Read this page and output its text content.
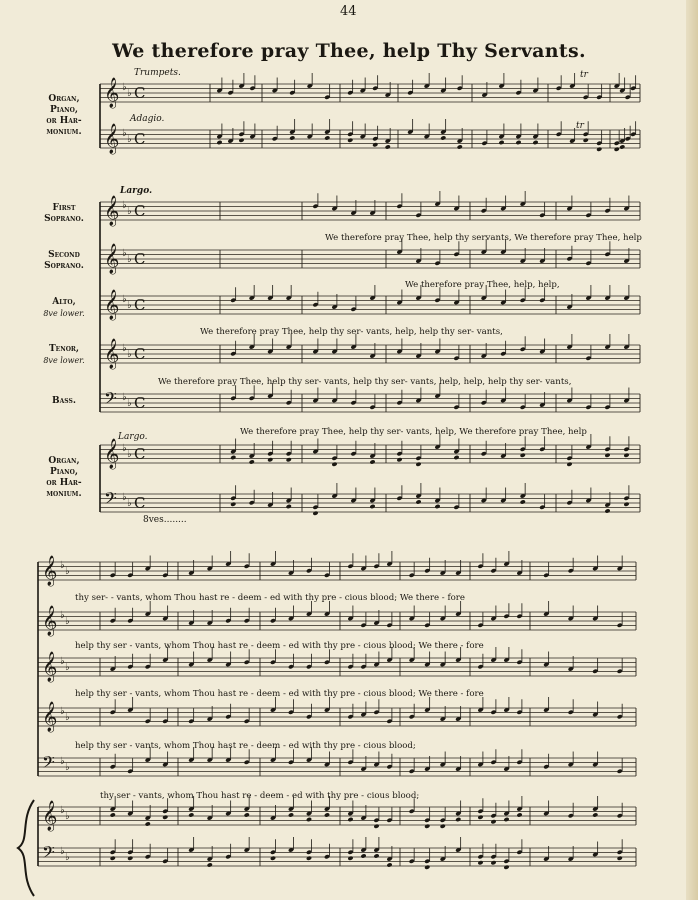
44
We therefore pray Thee, help Thy Servants.
Organ,
Piano,
or Har-
monium.
First
Soprano.
Second
Soprano.
Alto,
8ve lower.
Tenor,
8ve lower.
Bass.
Organ,
Piano,
or Har-
monium.
Trumpets.
Adagio.
Largo.
Largo.
tr
tr
8ves........
We therefore pray Thee, help thy servants, We therefore pray Thee, help
We therefore pray Thee, help, help,
We therefore pray Thee, help thy ser- vants, help, help thy ser- vants,
We therefore pray Thee, help thy ser- vants, help thy ser- vants, help, help, help thy ser- vants,
We therefore pray Thee, help thy ser- vants, help, We therefore pray Thee, help
thy ser- - vants, whom Thou hast re - deem - ed with thy pre - cious blood; We there - fore
help thy ser - vants, whom Thou hast re - deem - ed with thy pre - cious blood; We there - fore
help thy ser - vants, whom Thou hast re - deem - ed with thy pre - cious blood; We there - fore
help thy ser - vants, whom Thou hast re - deem - ed with thy pre - cious blood;
thy ser - vants, whom Thou hast re - deem - ed with thy pre - cious blood;
𝄞 ♭
♭ C
𝄞 ♭
♭ C
𝄞 ♭
♭ C
𝄞 ♭
♭ C
𝄞 ♭
♭ C
𝄞 ♭
♭ C
𝄢 ♭
♭ C
𝄞 ♭
♭ C
𝄢 ♭
♭ C
𝄞 ♭
♭
𝄞 ♭
♭
𝄞 ♭
♭
𝄞 ♭
♭
𝄢 ♭
♭
𝄞 ♭
♭
𝄢 ♭
♭
